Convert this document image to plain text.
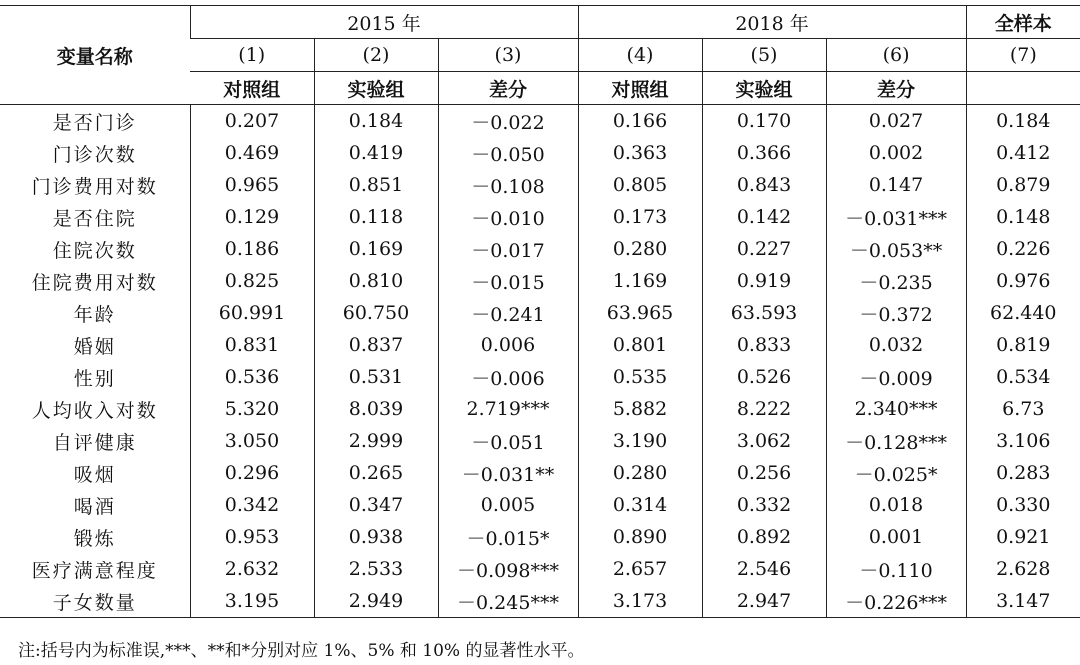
变量名称	2015 年			2018 年			全样本
	(1)	(2)	(3)	(4)	(5)	(6)	(7)
	对照组	实验组	差分	对照组	实验组	差分	
是否门诊	0.207	0.184	－0.022	0.166	0.170	0.027	0.184
门诊次数	0.469	0.419	－0.050	0.363	0.366	0.002	0.412
门诊费用对数	0.965	0.851	－0.108	0.805	0.843	0.147	0.879
是否住院	0.129	0.118	－0.010	0.173	0.142	－0.031***	0.148
住院次数	0.186	0.169	－0.017	0.280	0.227	－0.053**	0.226
住院费用对数	0.825	0.810	－0.015	1.169	0.919	－0.235	0.976
年龄	60.991	60.750	－0.241	63.965	63.593	－0.372	62.440
婚姻	0.831	0.837	0.006	0.801	0.833	0.032	0.819
性别	0.536	0.531	－0.006	0.535	0.526	－0.009	0.534
人均收入对数	5.320	8.039	2.719***	5.882	8.222	2.340***	6.73
自评健康	3.050	2.999	－0.051	3.190	3.062	－0.128***	3.106
吸烟	0.296	0.265	－0.031**	0.280	0.256	－0.025*	0.283
喝酒	0.342	0.347	0.005	0.314	0.332	0.018	0.330
锻炼	0.953	0.938	－0.015*	0.890	0.892	0.001	0.921
医疗满意程度	2.632	2.533	－0.098***	2.657	2.546	－0.110	2.628
子女数量	3.195	2.949	－0.245***	3.173	2.947	－0.226***	3.147
注:括号内为标准误,***、**和*分别对应 1%、5% 和 10% 的显著性水平。
